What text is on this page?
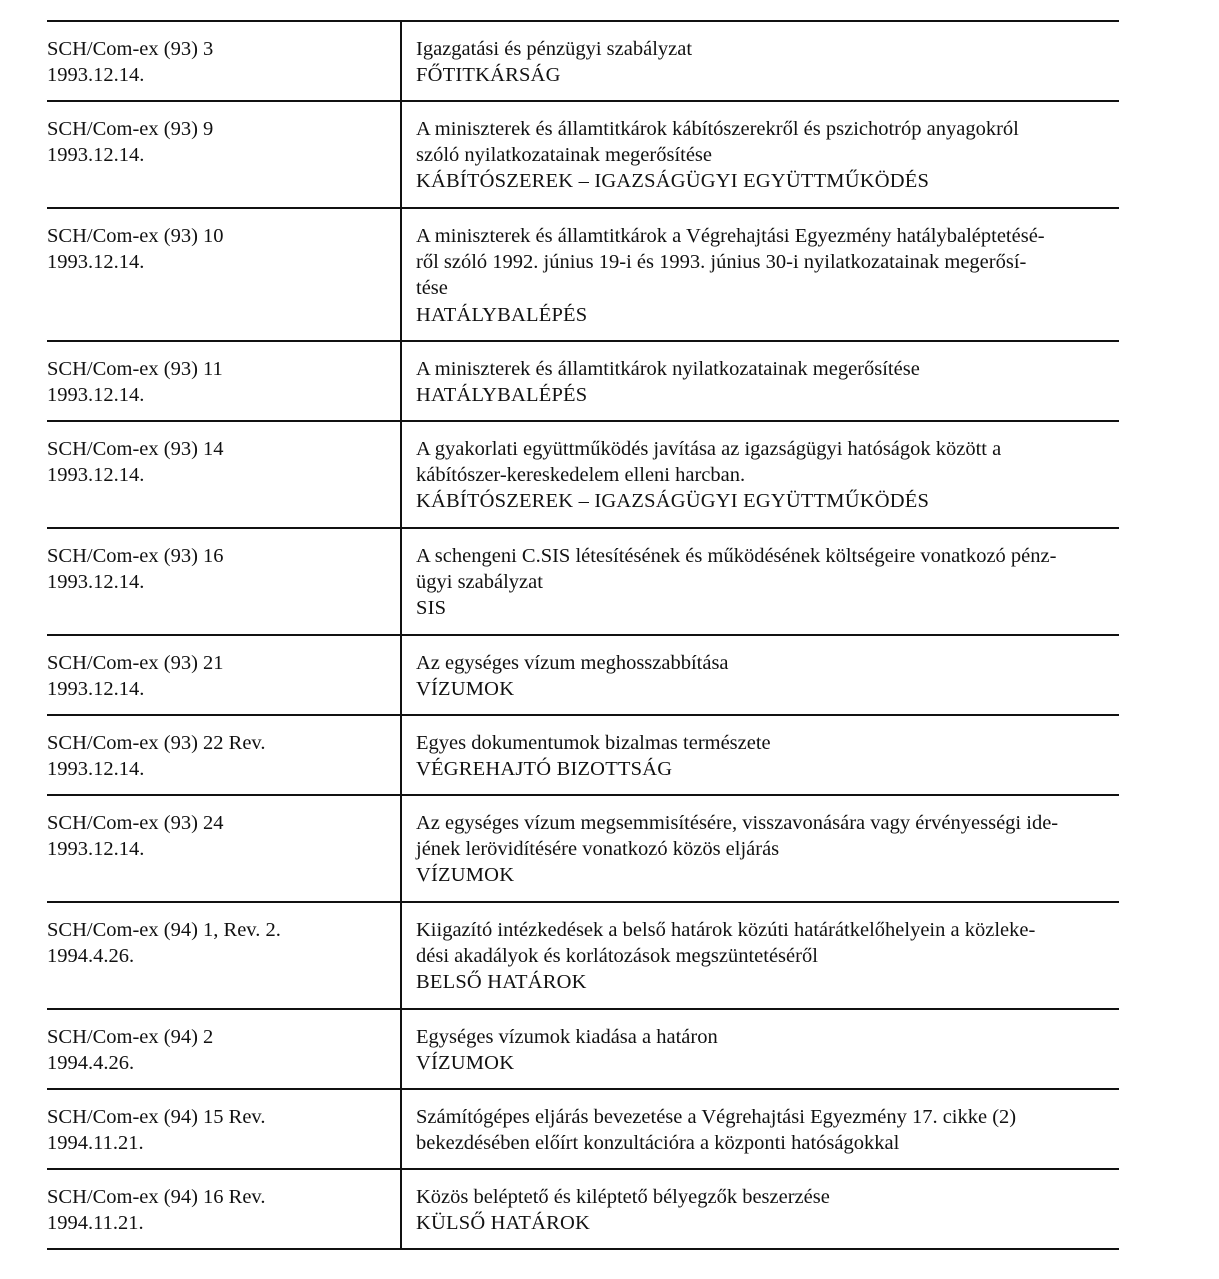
SCH/Com-ex (93) 3
1993.12.14.	Igazgatási és pénzügyi szabályzat
FŐTITKÁRSÁG

SCH/Com-ex (93) 9
1993.12.14.	A miniszterek és államtitkárok kábítószerekről és pszichotróp anyagokról
szóló nyilatkozatainak megerősítése
KÁBÍTÓSZEREK – IGAZSÁGÜGYI EGYÜTTMŰKÖDÉS

SCH/Com-ex (93) 10
1993.12.14.	A miniszterek és államtitkárok a Végrehajtási Egyezmény hatálybaléptetésé-
ről szóló 1992. június 19-i és 1993. június 30-i nyilatkozatainak megerősí-
tése
HATÁLYBALÉPÉS

SCH/Com-ex (93) 11
1993.12.14.	A miniszterek és államtitkárok nyilatkozatainak megerősítése
HATÁLYBALÉPÉS

SCH/Com-ex (93) 14
1993.12.14.	A gyakorlati együttműködés javítása az igazságügyi hatóságok között a
kábítószer-kereskedelem elleni harcban.
KÁBÍTÓSZEREK – IGAZSÁGÜGYI EGYÜTTMŰKÖDÉS

SCH/Com-ex (93) 16
1993.12.14.	A schengeni C.SIS létesítésének és működésének költségeire vonatkozó pénz-
ügyi szabályzat
SIS

SCH/Com-ex (93) 21
1993.12.14.	Az egységes vízum meghosszabbítása
VÍZUMOK

SCH/Com-ex (93) 22 Rev.
1993.12.14.	Egyes dokumentumok bizalmas természete
VÉGREHAJTÓ BIZOTTSÁG

SCH/Com-ex (93) 24
1993.12.14.	Az egységes vízum megsemmisítésére, visszavonására vagy érvényességi ide-
jének lerövidítésére vonatkozó közös eljárás
VÍZUMOK

SCH/Com-ex (94) 1, Rev. 2.
1994.4.26.	Kiigazító intézkedések a belső határok közúti határátkelőhelyein a közleke-
dési akadályok és korlátozások megszüntetéséről
BELSŐ HATÁROK

SCH/Com-ex (94) 2
1994.4.26.	Egységes vízumok kiadása a határon
VÍZUMOK

SCH/Com-ex (94) 15 Rev.
1994.11.21.	Számítógépes eljárás bevezetése a Végrehajtási Egyezmény 17. cikke (2)
bekezdésében előírt konzultációra a központi hatóságokkal

SCH/Com-ex (94) 16 Rev.
1994.11.21.	Közös beléptető és kiléptető bélyegzők beszerzése
KÜLSŐ HATÁROK
